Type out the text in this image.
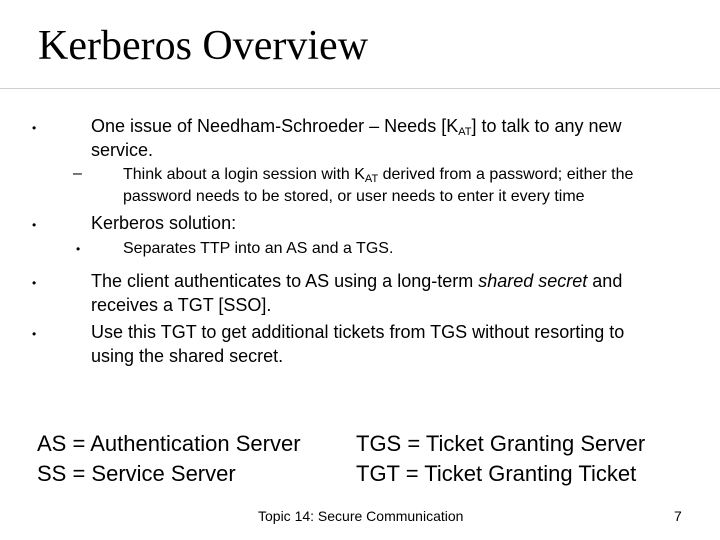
Kerberos Overview
•	One issue of Needham-Schroeder – Needs $[K_{AT}]$ to talk to any new
service.
–	Think about a login session with $K_{AT}$ derived from a password; either the
password needs to be stored, or user needs to enter it every time
•	Kerberos solution:
•	Separates TTP into an AS and a TGS.
•	The client authenticates to AS using a long-term shared secret and
receives a TGT [SSO].
•	Use this TGT to get additional tickets from TGS without resorting to
using the shared secret.
AS = Authentication Server
SS = Service Server
TGS = Ticket Granting Server
TGT = Ticket Granting Ticket
Topic 14: Secure Communication	7
